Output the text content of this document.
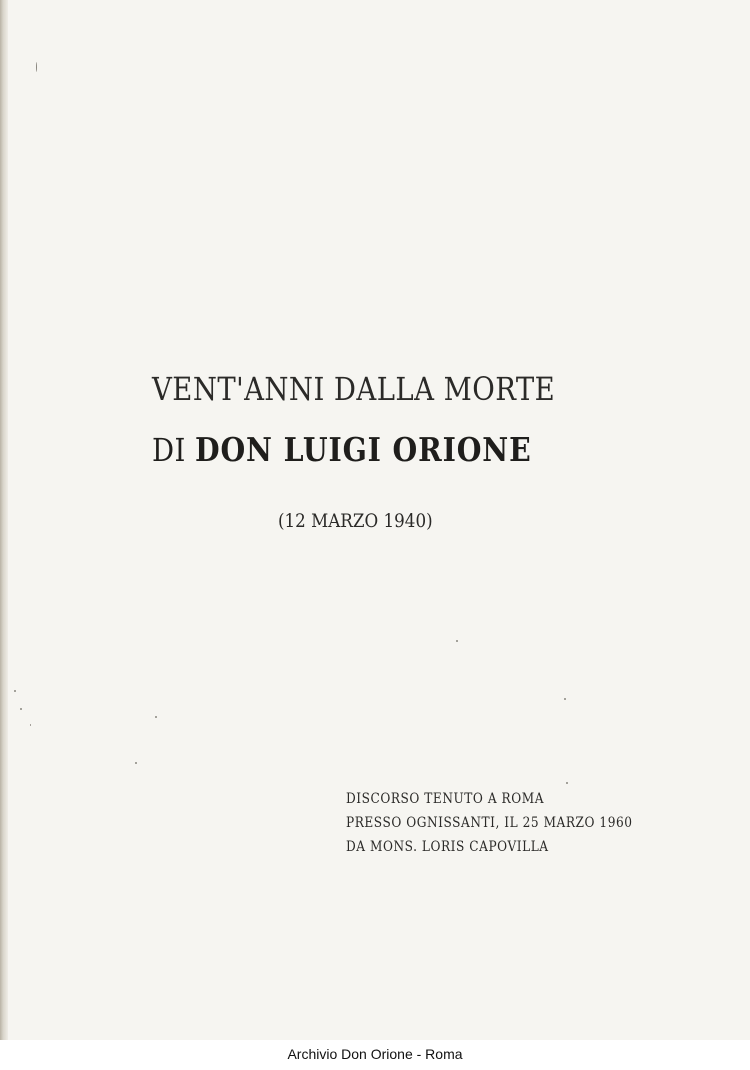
VENT'ANNI DALLA MORTE
DI DON LUIGI ORIONE
(12 MARZO 1940)
DISCORSO TENUTO A ROMA
PRESSO OGNISSANTI, IL 25 MARZO 1960
DA MONS. LORIS CAPOVILLA
Archivio Don Orione - Roma
